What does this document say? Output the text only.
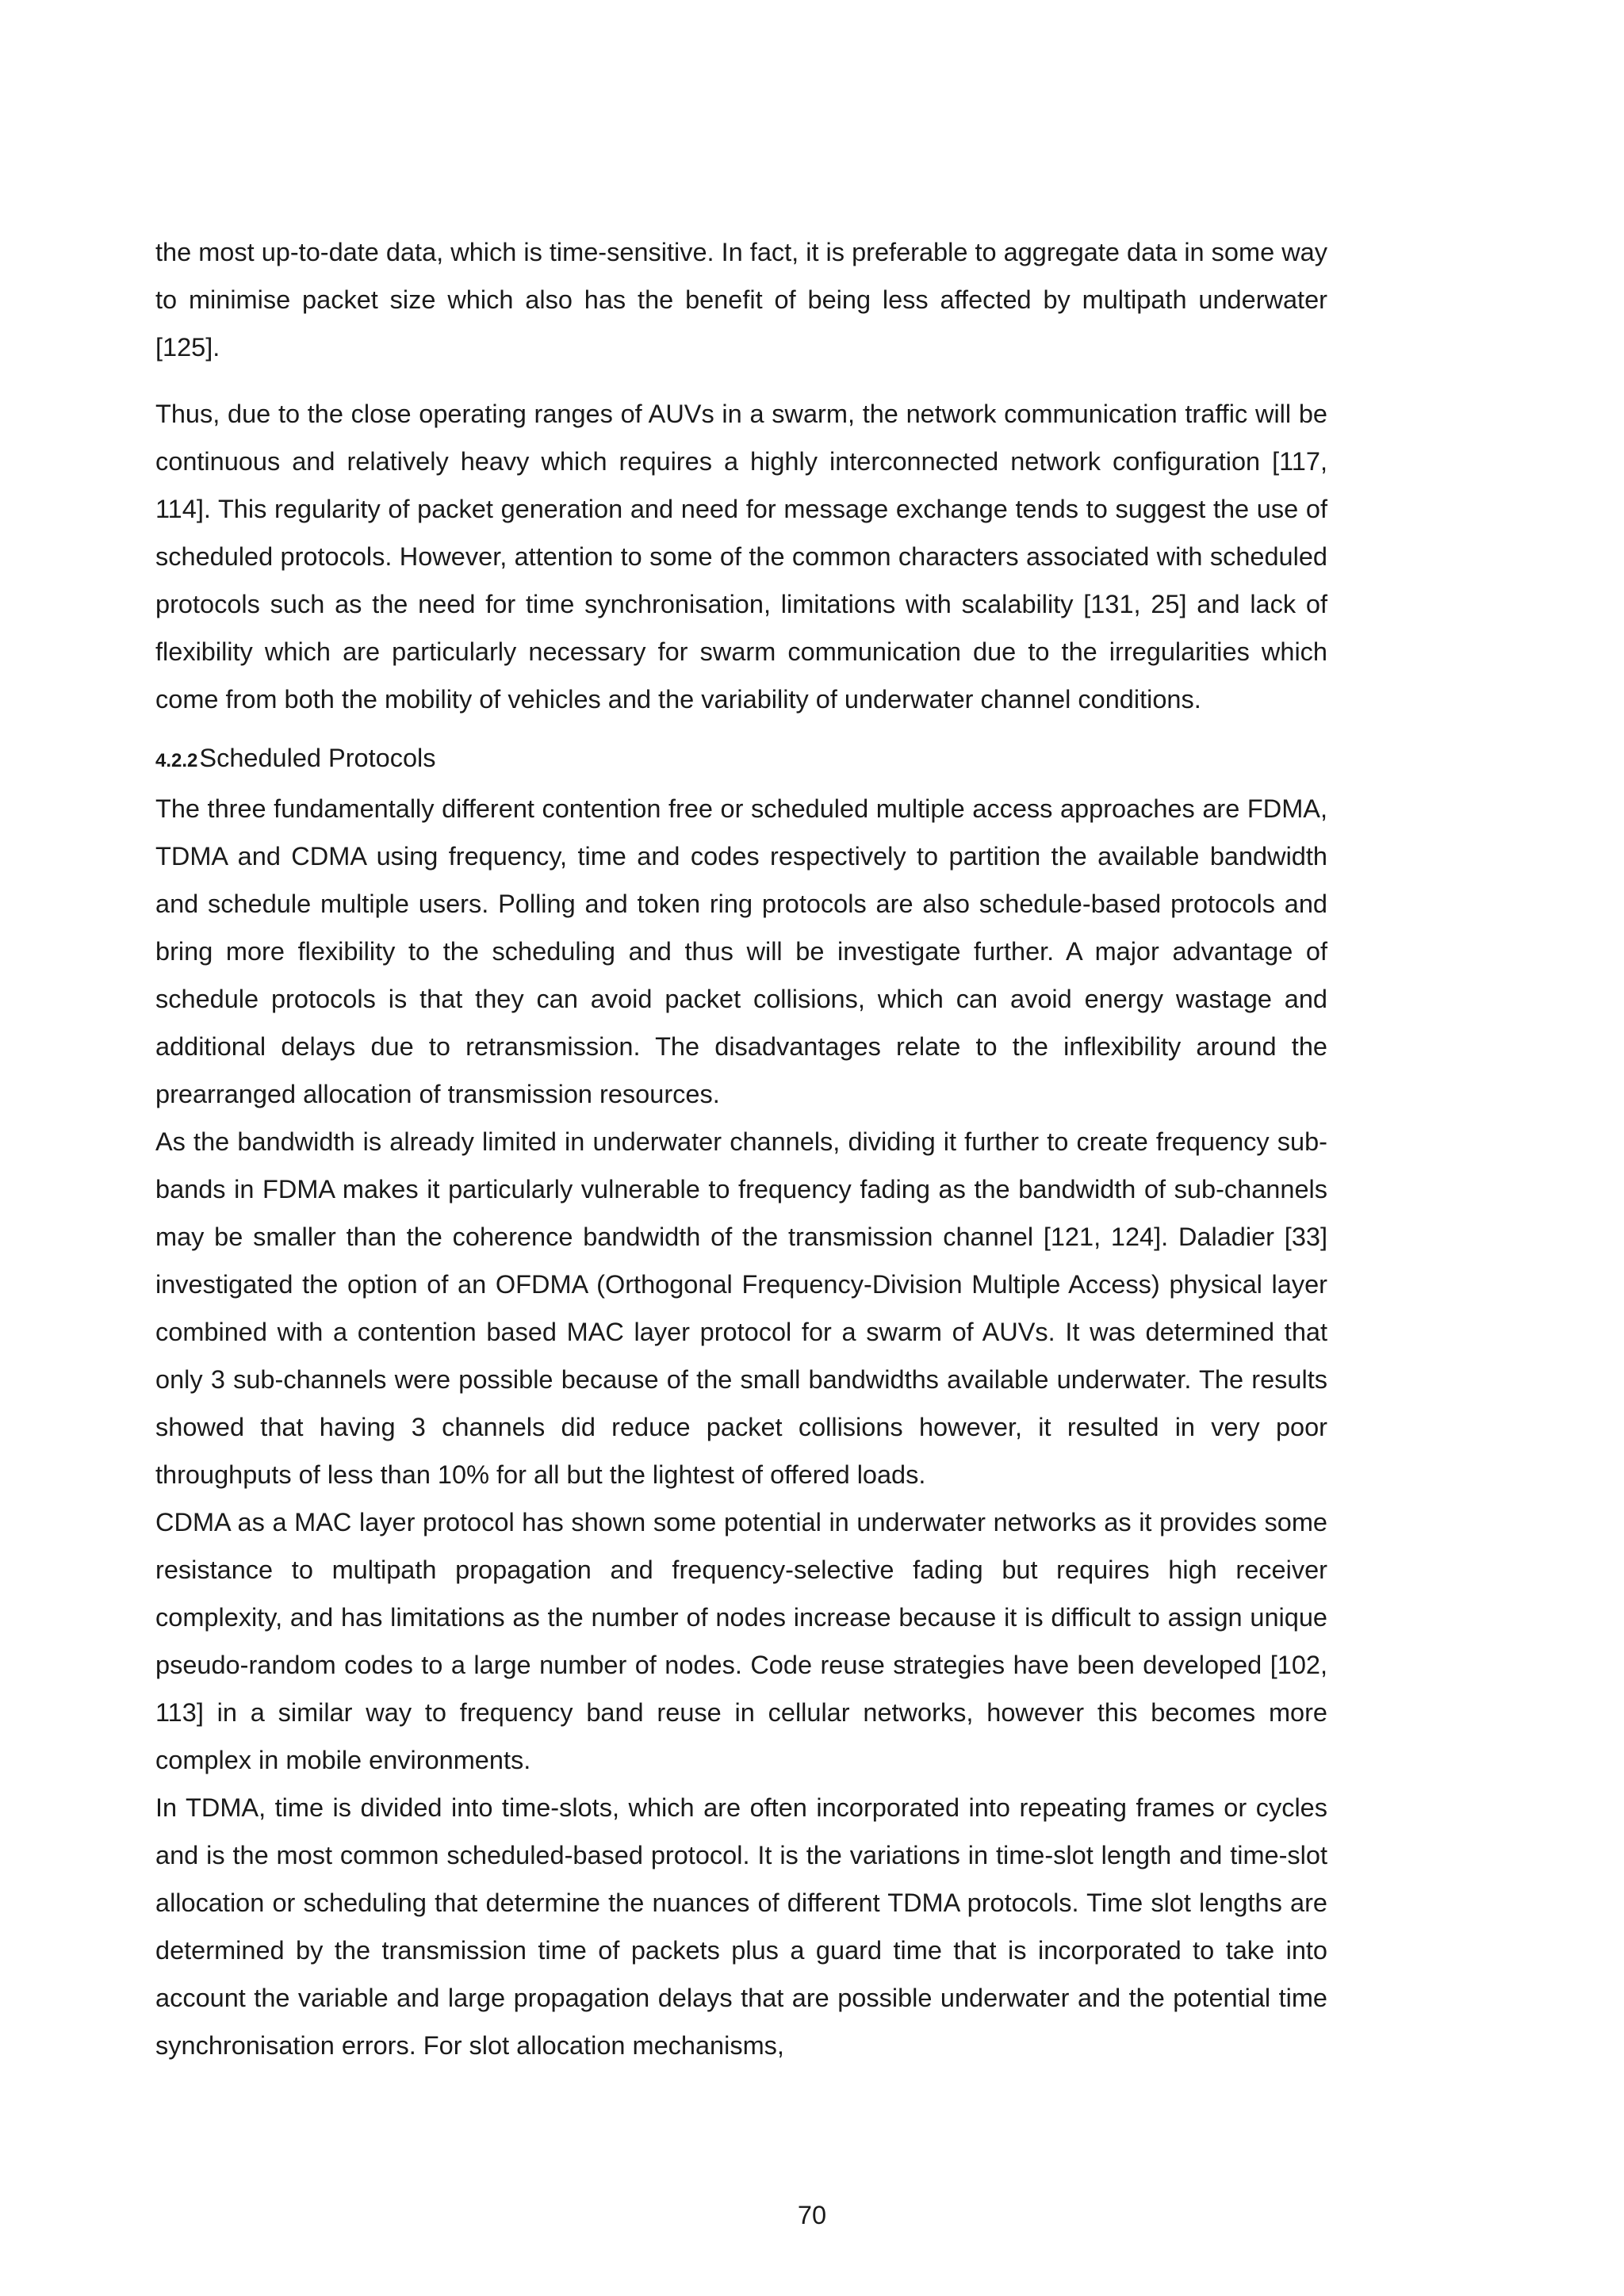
the most up-to-date data, which is time-sensitive. In fact, it is preferable to aggregate data in some way to minimise packet size which also has the benefit of being less affected by multipath underwater [125].

Thus, due to the close operating ranges of AUVs in a swarm, the network communication traffic will be continuous and relatively heavy which requires a highly interconnected network configuration [117, 114]. This regularity of packet generation and need for message exchange tends to suggest the use of scheduled protocols. However, attention to some of the common characters associated with scheduled protocols such as the need for time synchronisation, limitations with scalability [131, 25] and lack of flexibility which are particularly necessary for swarm communication due to the irregularities which come from both the mobility of vehicles and the variability of underwater channel conditions.

4.2.2Scheduled Protocols

The three fundamentally different contention free or scheduled multiple access approaches are FDMA, TDMA and CDMA using frequency, time and codes respectively to partition the available bandwidth and schedule multiple users. Polling and token ring protocols are also schedule-based protocols and bring more flexibility to the scheduling and thus will be investigate further. A major advantage of schedule protocols is that they can avoid packet collisions, which can avoid energy wastage and additional delays due to retransmission. The disadvantages relate to the inflexibility around the prearranged allocation of transmission resources.

As the bandwidth is already limited in underwater channels, dividing it further to create frequency sub-bands in FDMA makes it particularly vulnerable to frequency fading as the bandwidth of sub-channels may be smaller than the coherence bandwidth of the transmission channel [121, 124]. Daladier [33] investigated the option of an OFDMA (Orthogonal Frequency-Division Multiple Access) physical layer combined with a contention based MAC layer protocol for a swarm of AUVs. It was determined that only 3 sub-channels were possible because of the small bandwidths available underwater. The results showed that having 3 channels did reduce packet collisions however, it resulted in very poor throughputs of less than 10% for all but the lightest of offered loads.

CDMA as a MAC layer protocol has shown some potential in underwater networks as it provides some resistance to multipath propagation and frequency-selective fading but requires high receiver complexity, and has limitations as the number of nodes increase because it is difficult to assign unique pseudo-random codes to a large number of nodes. Code reuse strategies have been developed [102, 113] in a similar way to frequency band reuse in cellular networks, however this becomes more complex in mobile environments.

In TDMA, time is divided into time-slots, which are often incorporated into repeating frames or cycles and is the most common scheduled-based protocol. It is the variations in time-slot length and time-slot allocation or scheduling that determine the nuances of different TDMA protocols. Time slot lengths are determined by the transmission time of packets plus a guard time that is incorporated to take into account the variable and large propagation delays that are possible underwater and the potential time synchronisation errors. For slot allocation mechanisms,

70
